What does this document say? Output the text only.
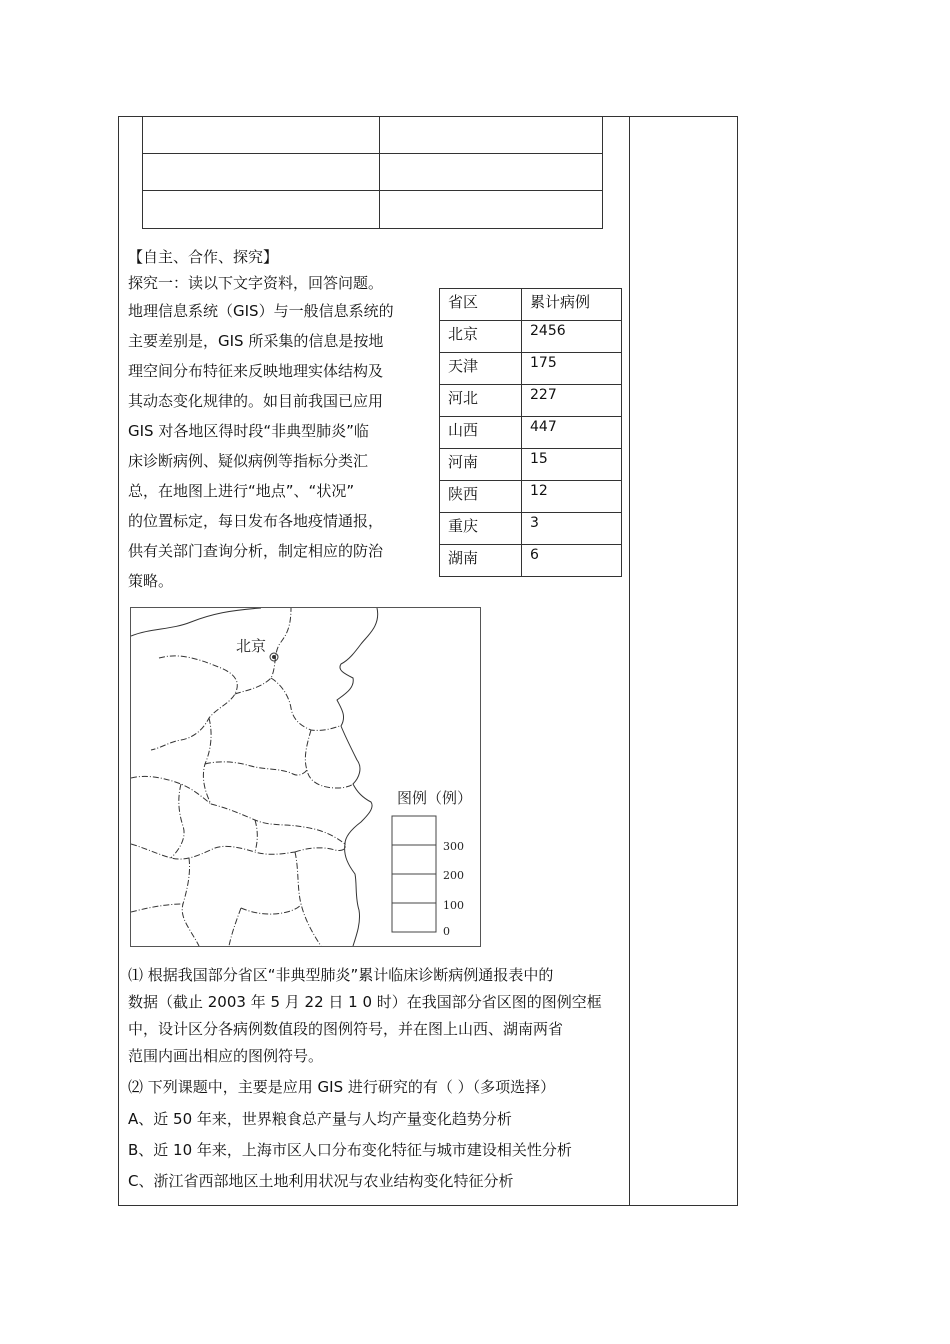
【自主、合作、探究】
探究一：读以下文字资料，回答问题。

地理信息系统（GIS）与一般信息系统的

主要差别是，GIS 所采集的信息是按地

理空间分布特征来反映地理实体结构及

其动态变化规律的。如目前我国已应用

GIS 对各地区得时段“非典型肺炎”临

床诊断病例、疑似病例等指标分类汇

总，在地图上进行“地点”、“状况”

的位置标定，每日发布各地疫情通报，

供有关部门查询分析，制定相应的防治

策略。

省区	累计病例
北京	2456
天津	175
河北	227
山西	447
河南	15
陕西	12
重庆	3
湖南	6
北京
图例（例）
300
200
100
0
⑴ 根据我国部分省区“非典型肺炎”累计临床诊断病例通报表中的
数据（截止 2003 年 5 月 22 日 1 0 时）在我国部分省区图的图例空框
中，设计区分各病例数值段的图例符号，并在图上山西、湖南两省
范围内画出相应的图例符号。
⑵ 下列课题中，主要是应用 GIS 进行研究的有（ ）（多项选择）
A、近 50 年来，世界粮食总产量与人均产量变化趋势分析
B、近 10 年来，上海市区人口分布变化特征与城市建设相关性分析
C、浙江省西部地区土地利用状况与农业结构变化特征分析
